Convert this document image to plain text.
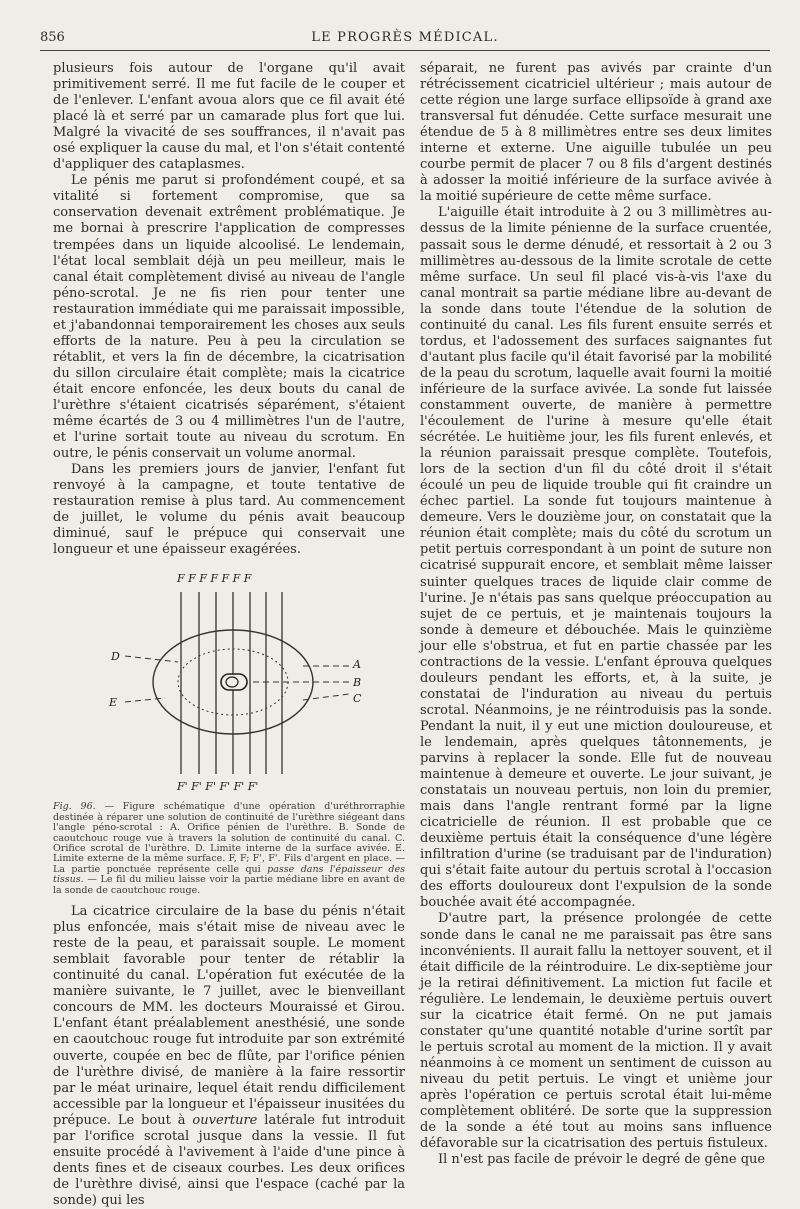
856	LE PROGRÈS MÉDICAL.

plusieurs fois autour de l'organe qu'il avait primitivement serré. Il me fut facile de le couper et de l'enlever. L'enfant avoua alors que ce fil avait été placé là et serré par un camarade plus fort que lui. Malgré la vivacité de ses souffrances, il n'avait pas osé expliquer la cause du mal, et l'on s'était contenté d'appliquer des cataplasmes.

Le pénis me parut si profondément coupé, et sa vitalité si fortement compromise, que sa conservation devenait extrêment problématique. Je me bornai à prescrire l'application de compresses trempées dans un liquide alcoolisé. Le lendemain, l'état local semblait déjà un peu meilleur, mais le canal était complètement divisé au niveau de l'angle péno-scrotal. Je ne fis rien pour tenter une restauration immédiate qui me paraissait impossible, et j'abandonnai temporairement les choses aux seuls efforts de la nature. Peu à peu la circulation se rétablit, et vers la fin de décembre, la cicatrisation du sillon circulaire était complète; mais la cicatrice était encore enfoncée, les deux bouts du canal de l'urèthre s'étaient cicatrisés séparément, s'étaient même écartés de 3 ou 4 millimètres l'un de l'autre, et l'urine sortait toute au niveau du scrotum. En outre, le pénis conservait un volume anormal.

Dans les premiers jours de janvier, l'enfant fut renvoyé à la campagne, et toute tentative de restauration remise à plus tard. Au commencement de juillet, le volume du pénis avait beaucoup diminué, sauf le prépuce qui conservait une longueur et une épaisseur exagérées.

F F F F F F F
D
E
A
B
C
F' F' F' F' F' F'
Fig. 96. — Figure schématique d'une opération d'uréthrorraphie destinée à réparer une solution de continuité de l'urèthre siégeant dans l'angle péno-scrotal : A. Orifice pénien de l'urèthre. B. Sonde de caoutchouc rouge vue à travers la solution de continuité du canal. C. Orifice scrotal de l'urèthre. D. Limite interne de la surface avivée. E. Limite externe de la même surface. F, F; F', F'. Fils d'argent en place. — La partie ponctuée représente celle qui passe dans l'épaisseur des tissus. — Le fil du milieu laisse voir la partie médiane libre en avant de la sonde de caoutchouc rouge.

La cicatrice circulaire de la base du pénis n'était plus enfoncée, mais s'était mise de niveau avec le reste de la peau, et paraissait souple. Le moment semblait favorable pour tenter de rétablir la continuité du canal. L'opération fut exécutée de la manière suivante, le 7 juillet, avec le bienveillant concours de MM. les docteurs Mouraissé et Girou. L'enfant étant préalablement anesthésié, une sonde en caoutchouc rouge fut introduite par son extrémité ouverte, coupée en bec de flûte, par l'orifice pénien de l'urèthre divisé, de manière à la faire ressortir par le méat urinaire, lequel était rendu difficilement accessible par la longueur et l'épaisseur inusitées du prépuce. Le bout à ouverture latérale fut introduit par l'orifice scrotal jusque dans la vessie. Il fut ensuite procédé à l'avivement à l'aide d'une pince à dents fines et de ciseaux courbes. Les deux orifices de l'urèthre divisé, ainsi que l'espace (caché par la sonde) qui les

séparait, ne furent pas avivés par crainte d'un rétrécissement cicatriciel ultérieur ; mais autour de cette région une large surface ellipsoïde à grand axe transversal fut dénudée. Cette surface mesurait une étendue de 5 à 8 millimètres entre ses deux limites interne et externe. Une aiguille tubulée un peu courbe permit de placer 7 ou 8 fils d'argent destinés à adosser la moitié inférieure de la surface avivée à la moitié supérieure de cette même surface.

L'aiguille était introduite à 2 ou 3 millimètres au-dessus de la limite pénienne de la surface cruentée, passait sous le derme dénudé, et ressortait à 2 ou 3 millimètres au-dessous de la limite scrotale de cette même surface. Un seul fil placé vis-à-vis l'axe du canal montrait sa partie médiane libre au-devant de la sonde dans toute l'étendue de la solution de continuité du canal. Les fils furent ensuite serrés et tordus, et l'adossement des surfaces saignantes fut d'autant plus facile qu'il était favorisé par la mobilité de la peau du scrotum, laquelle avait fourni la moitié inférieure de la surface avivée. La sonde fut laissée constamment ouverte, de manière à permettre l'écoulement de l'urine à mesure qu'elle était sécrétée. Le huitième jour, les fils furent enlevés, et la réunion paraissait presque complète. Toutefois, lors de la section d'un fil du côté droit il s'était écoulé un peu de liquide trouble qui fit craindre un échec partiel. La sonde fut toujours maintenue à demeure. Vers le douzième jour, on constatait que la réunion était complète; mais du côté du scrotum un petit pertuis correspondant à un point de suture non cicatrisé suppurait encore, et semblait même laisser suinter quelques traces de liquide clair comme de l'urine. Je n'étais pas sans quelque préoccupation au sujet de ce pertuis, et je maintenais toujours la sonde à demeure et débouchée. Mais le quinzième jour elle s'obstrua, et fut en partie chassée par les contractions de la vessie. L'enfant éprouva quelques douleurs pendant les efforts, et, à la suite, je constatai de l'induration au niveau du pertuis scrotal. Néanmoins, je ne réintroduisis pas la sonde. Pendant la nuit, il y eut une miction douloureuse, et le lendemain, après quelques tâtonnements, je parvins à replacer la sonde. Elle fut de nouveau maintenue à demeure et ouverte. Le jour suivant, je constatais un nouveau pertuis, non loin du premier, mais dans l'angle rentrant formé par la ligne cicatricielle de réunion. Il est probable que ce deuxième pertuis était la conséquence d'une légère infiltration d'urine (se traduisant par de l'induration) qui s'était faite autour du pertuis scrotal à l'occasion des efforts douloureux dont l'expulsion de la sonde bouchée avait été accompagnée.

D'autre part, la présence prolongée de cette sonde dans le canal ne me paraissait pas être sans inconvénients. Il aurait fallu la nettoyer souvent, et il était difficile de la réintroduire. Le dix-septième jour je la retirai définitivement. La miction fut facile et régulière. Le lendemain, le deuxième pertuis ouvert sur la cicatrice était fermé. On ne put jamais constater qu'une quantité notable d'urine sortît par le pertuis scrotal au moment de la miction. Il y avait néanmoins à ce moment un sentiment de cuisson au niveau du petit pertuis. Le vingt et unième jour après l'opération ce pertuis scrotal était lui-même complètement oblitéré. De sorte que la suppression de la sonde a été tout au moins sans influence défavorable sur la cicatrisation des pertuis fistuleux.

Il n'est pas facile de prévoir le degré de gêne que
